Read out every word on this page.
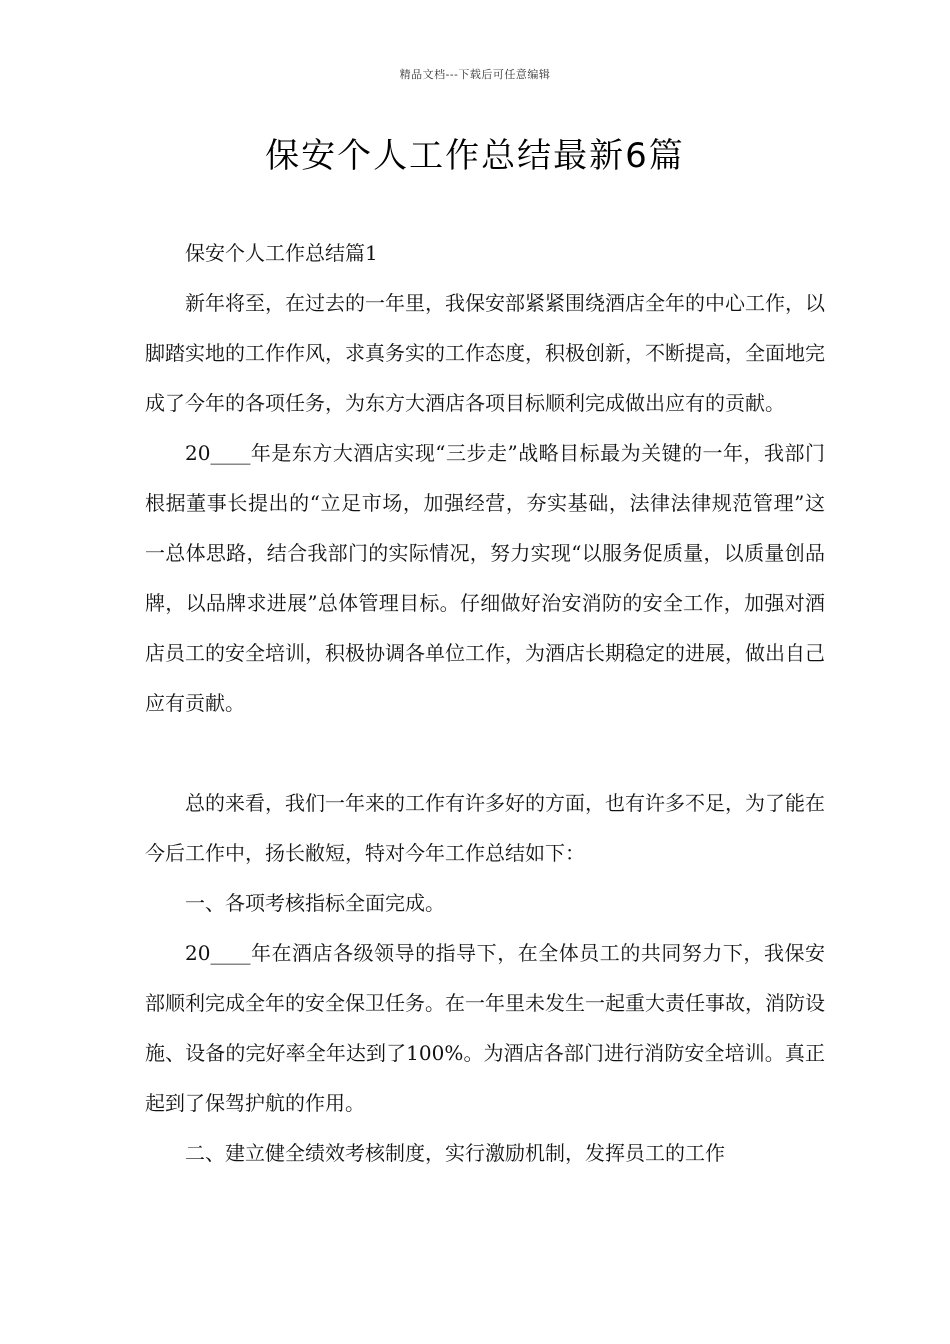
精品文档---下载后可任意编辑
保安个人工作总结最新6篇

保安个人工作总结篇1

新年将至，在过去的一年里，我保安部紧紧围绕酒店全年的中心工作，以脚踏实地的工作作风，求真务实的工作态度，积极创新，不断提高，全面地完成了今年的各项任务，为东方大酒店各项目标顺利完成做出应有的贡献。

20____年是东方大酒店实现“三步走”战略目标最为关键的一年，我部门根据董事长提出的“立足市场，加强经营，夯实基础，法律法律规范管理”这一总体思路，结合我部门的实际情况，努力实现“以服务促质量，以质量创品牌，以品牌求进展”总体管理目标。仔细做好治安消防的安全工作，加强对酒店员工的安全培训，积极协调各单位工作，为酒店长期稳定的进展，做出自己应有贡献。

总的来看，我们一年来的工作有许多好的方面，也有许多不足，为了能在今后工作中，扬长敝短，特对今年工作总结如下：

一、各项考核指标全面完成。

20____年在酒店各级领导的指导下，在全体员工的共同努力下，我保安部顺利完成全年的安全保卫任务。在一年里未发生一起重大责任事故，消防设施、设备的完好率全年达到了100%。为酒店各部门进行消防安全培训。真正起到了保驾护航的作用。

二、建立健全绩效考核制度，实行激励机制，发挥员工的工作
